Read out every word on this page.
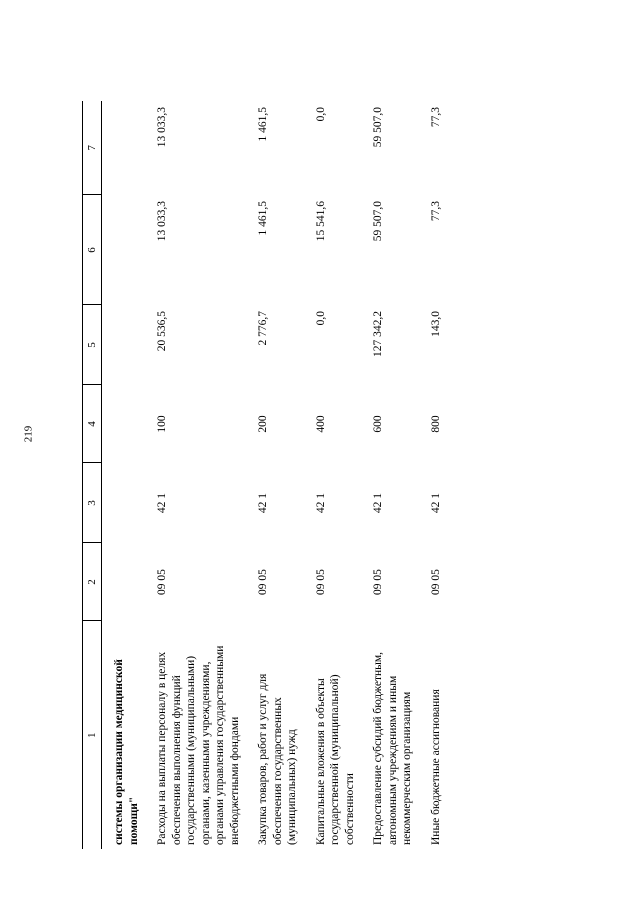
219
1	2	3	4	5	6	7
системы организации медицинской помощи"						
Расходы на выплаты персоналу в целях обеспечения выполнения функций государственными (муниципальными) органами, казенными учреждениями, органами управления государственными внебюджетными фондами	09 05	42 1	100	20 536,5	13 033,3	13 033,3
Закупка товаров, работ и услуг для обеспечения государственных (муниципальных) нужд	09 05	42 1	200	2 776,7	1 461,5	1 461,5
Капитальные вложения в объекты государственной (муниципальной) собственности	09 05	42 1	400	0,0	15 541,6	0,0
Предоставление субсидий бюджетным, автономным учреждениям и иным некоммерческим организациям	09 05	42 1	600	127 342,2	59 507,0	59 507,0
Иные бюджетные ассигнования	09 05	42 1	800	143,0	77,3	77,3
